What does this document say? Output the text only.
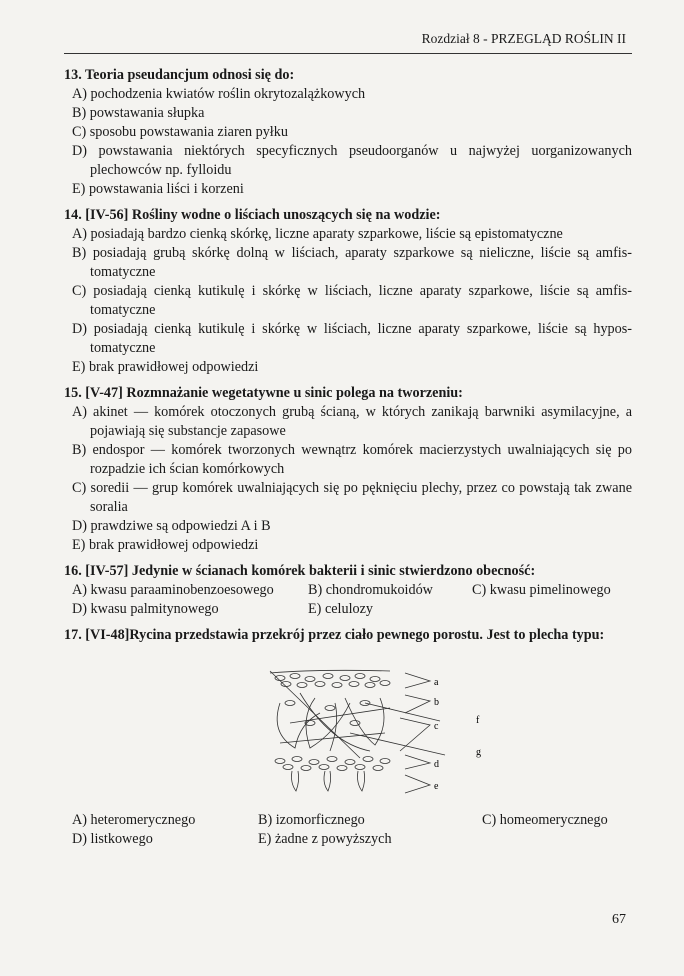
Rozdział 8 - PRZEGLĄD ROŚLIN II
13. Teoria pseudancjum odnosi się do:
A) pochodzenia kwiatów roślin okrytozalążkowych
B) powstawania słupka
C) sposobu powstawania ziaren pyłku
D) powstawania niektórych specyficznych pseudoorganów u najwyżej uorganizowanych plechowców np. fylloidu
E) powstawania liści i korzeni
14. [IV-56] Rośliny wodne o liściach unoszących się na wodzie:
A) posiadają bardzo cienką skórkę, liczne aparaty szparkowe, liście są epistomatyczne
B) posiadają grubą skórkę dolną w liściach, aparaty szparkowe są nieliczne, liście są amfistomatyczne
C) posiadają cienką kutikulę i skórkę w liściach, liczne aparaty szparkowe, liście są amfistomatyczne
D) posiadają cienką kutikulę i skórkę w liściach, liczne aparaty szparkowe, liście są hypostomatyczne
E) brak prawidłowej odpowiedzi
15. [V-47] Rozmnażanie wegetatywne u sinic polega na tworzeniu:
A) akinet — komórek otoczonych grubą ścianą, w których zanikają barwniki asymilacyjne, a pojawiają się substancje zapasowe
B) endospor — komórek tworzonych wewnątrz komórek macierzystych uwalniających się po rozpadzie ich ścian komórkowych
C) soredii — grup komórek uwalniających się po pęknięciu plechy, przez co powstają tak zwane soralia
D) prawdziwe są odpowiedzi A i B
E) brak prawidłowej odpowiedzi
16. [IV-57] Jedynie w ścianach komórek bakterii i sinic stwierdzono obecność:
A) kwasu paraaminobenzoesowego	B) chondromukoidów	C) kwasu pimelinowego
D) kwasu palmitynowego	E) celulozy
17. [VI-48]Rycina przedstawia przekrój przez ciało pewnego porostu. Jest to plecha typu:
a
b
c
d
e
f
g
A) heteromerycznego	B) izomorficznego	C) homeomerycznego
D) listkowego	E) żadne z powyższych
67
